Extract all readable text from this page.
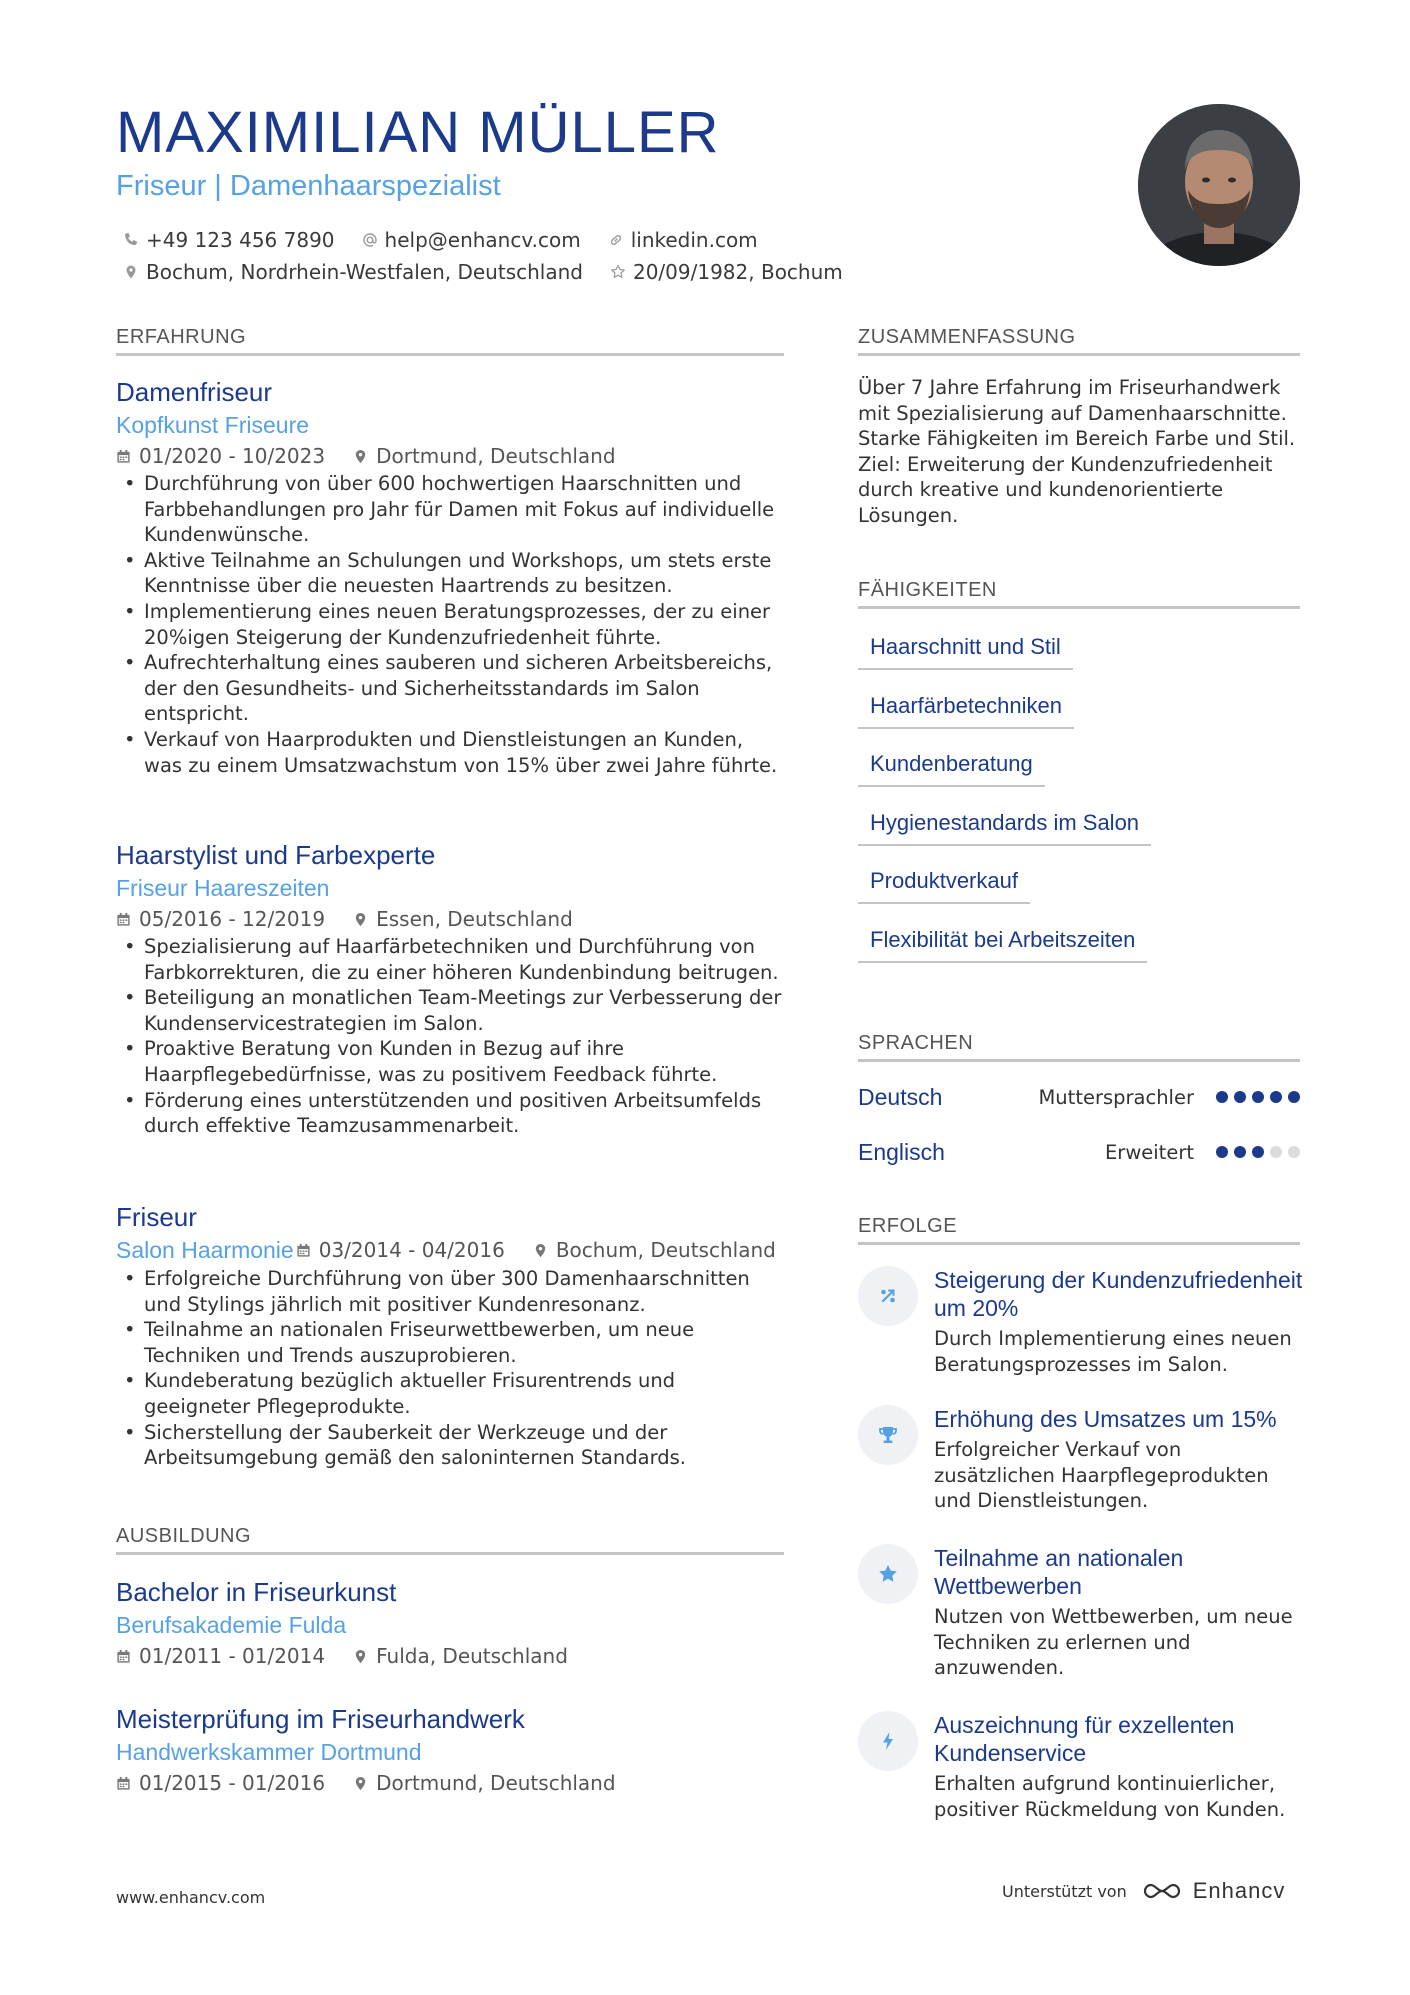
MAXIMILIAN MÜLLER
Friseur | Damenhaarspezialist
+49 123 456 7890	help@enhancv.com	linkedin.com
Bochum, Nordrhein-Westfalen, Deutschland	20/09/1982, Bochum
ERFAHRUNG
Damenfriseur
Kopfkunst Friseure
01/2020 - 10/2023	Dortmund, Deutschland
• Durchführung von über 600 hochwertigen Haarschnitten und Farbbehandlungen pro Jahr für Damen mit Fokus auf individuelle Kundenwünsche.
• Aktive Teilnahme an Schulungen und Workshops, um stets erste Kenntnisse über die neuesten Haartrends zu besitzen.
• Implementierung eines neuen Beratungsprozesses, der zu einer 20%igen Steigerung der Kundenzufriedenheit führte.
• Aufrechterhaltung eines sauberen und sicheren Arbeitsbereichs, der den Gesundheits- und Sicherheitsstandards im Salon entspricht.
• Verkauf von Haarprodukten und Dienstleistungen an Kunden, was zu einem Umsatzwachstum von 15% über zwei Jahre führte.
Haarstylist und Farbexperte
Friseur Haareszeiten
05/2016 - 12/2019	Essen, Deutschland
• Spezialisierung auf Haarfärbetechniken und Durchführung von Farbkorrekturen, die zu einer höheren Kundenbindung beitrugen.
• Beteiligung an monatlichen Team-Meetings zur Verbesserung der Kundenservicestrategien im Salon.
• Proaktive Beratung von Kunden in Bezug auf ihre Haarpflegebedürfnisse, was zu positivem Feedback führte.
• Förderung eines unterstützenden und positiven Arbeitsumfelds durch effektive Teamzusammenarbeit.
Friseur
Salon Haarmonie 03/2014 - 04/2016	Bochum, Deutschland
• Erfolgreiche Durchführung von über 300 Damenhaarschnitten und Stylings jährlich mit positiver Kundenresonanz.
• Teilnahme an nationalen Friseurwettbewerben, um neue Techniken und Trends auszuprobieren.
• Kundeberatung bezüglich aktueller Frisurentrends und geeigneter Pflegeprodukte.
• Sicherstellung der Sauberkeit der Werkzeuge und der Arbeitsumgebung gemäß den saloninternen Standards.
AUSBILDUNG
Bachelor in Friseurkunst
Berufsakademie Fulda
01/2011 - 01/2014	Fulda, Deutschland
Meisterprüfung im Friseurhandwerk
Handwerkskammer Dortmund
01/2015 - 01/2016	Dortmund, Deutschland
ZUSAMMENFASSUNG
Über 7 Jahre Erfahrung im Friseurhandwerk mit Spezialisierung auf Damenhaarschnitte. Starke Fähigkeiten im Bereich Farbe und Stil. Ziel: Erweiterung der Kundenzufriedenheit durch kreative und kundenorientierte Lösungen.
FÄHIGKEITEN
Haarschnitt und Stil
Haarfärbetechniken
Kundenberatung
Hygienestandards im Salon
Produktverkauf
Flexibilität bei Arbeitszeiten
SPRACHEN
Deutsch	Muttersprachler
Englisch	Erweitert
ERFOLGE
Steigerung der Kundenzufriedenheit um 20%
Durch Implementierung eines neuen Beratungsprozesses im Salon.
Erhöhung des Umsatzes um 15%
Erfolgreicher Verkauf von zusätzlichen Haarpflegeprodukten und Dienstleistungen.
Teilnahme an nationalen Wettbewerben
Nutzen von Wettbewerben, um neue Techniken zu erlernen und anzuwenden.
Auszeichnung für exzellenten Kundenservice
Erhalten aufgrund kontinuierlicher, positiver Rückmeldung von Kunden.
www.enhancv.com	Unterstützt von	Enhancv
